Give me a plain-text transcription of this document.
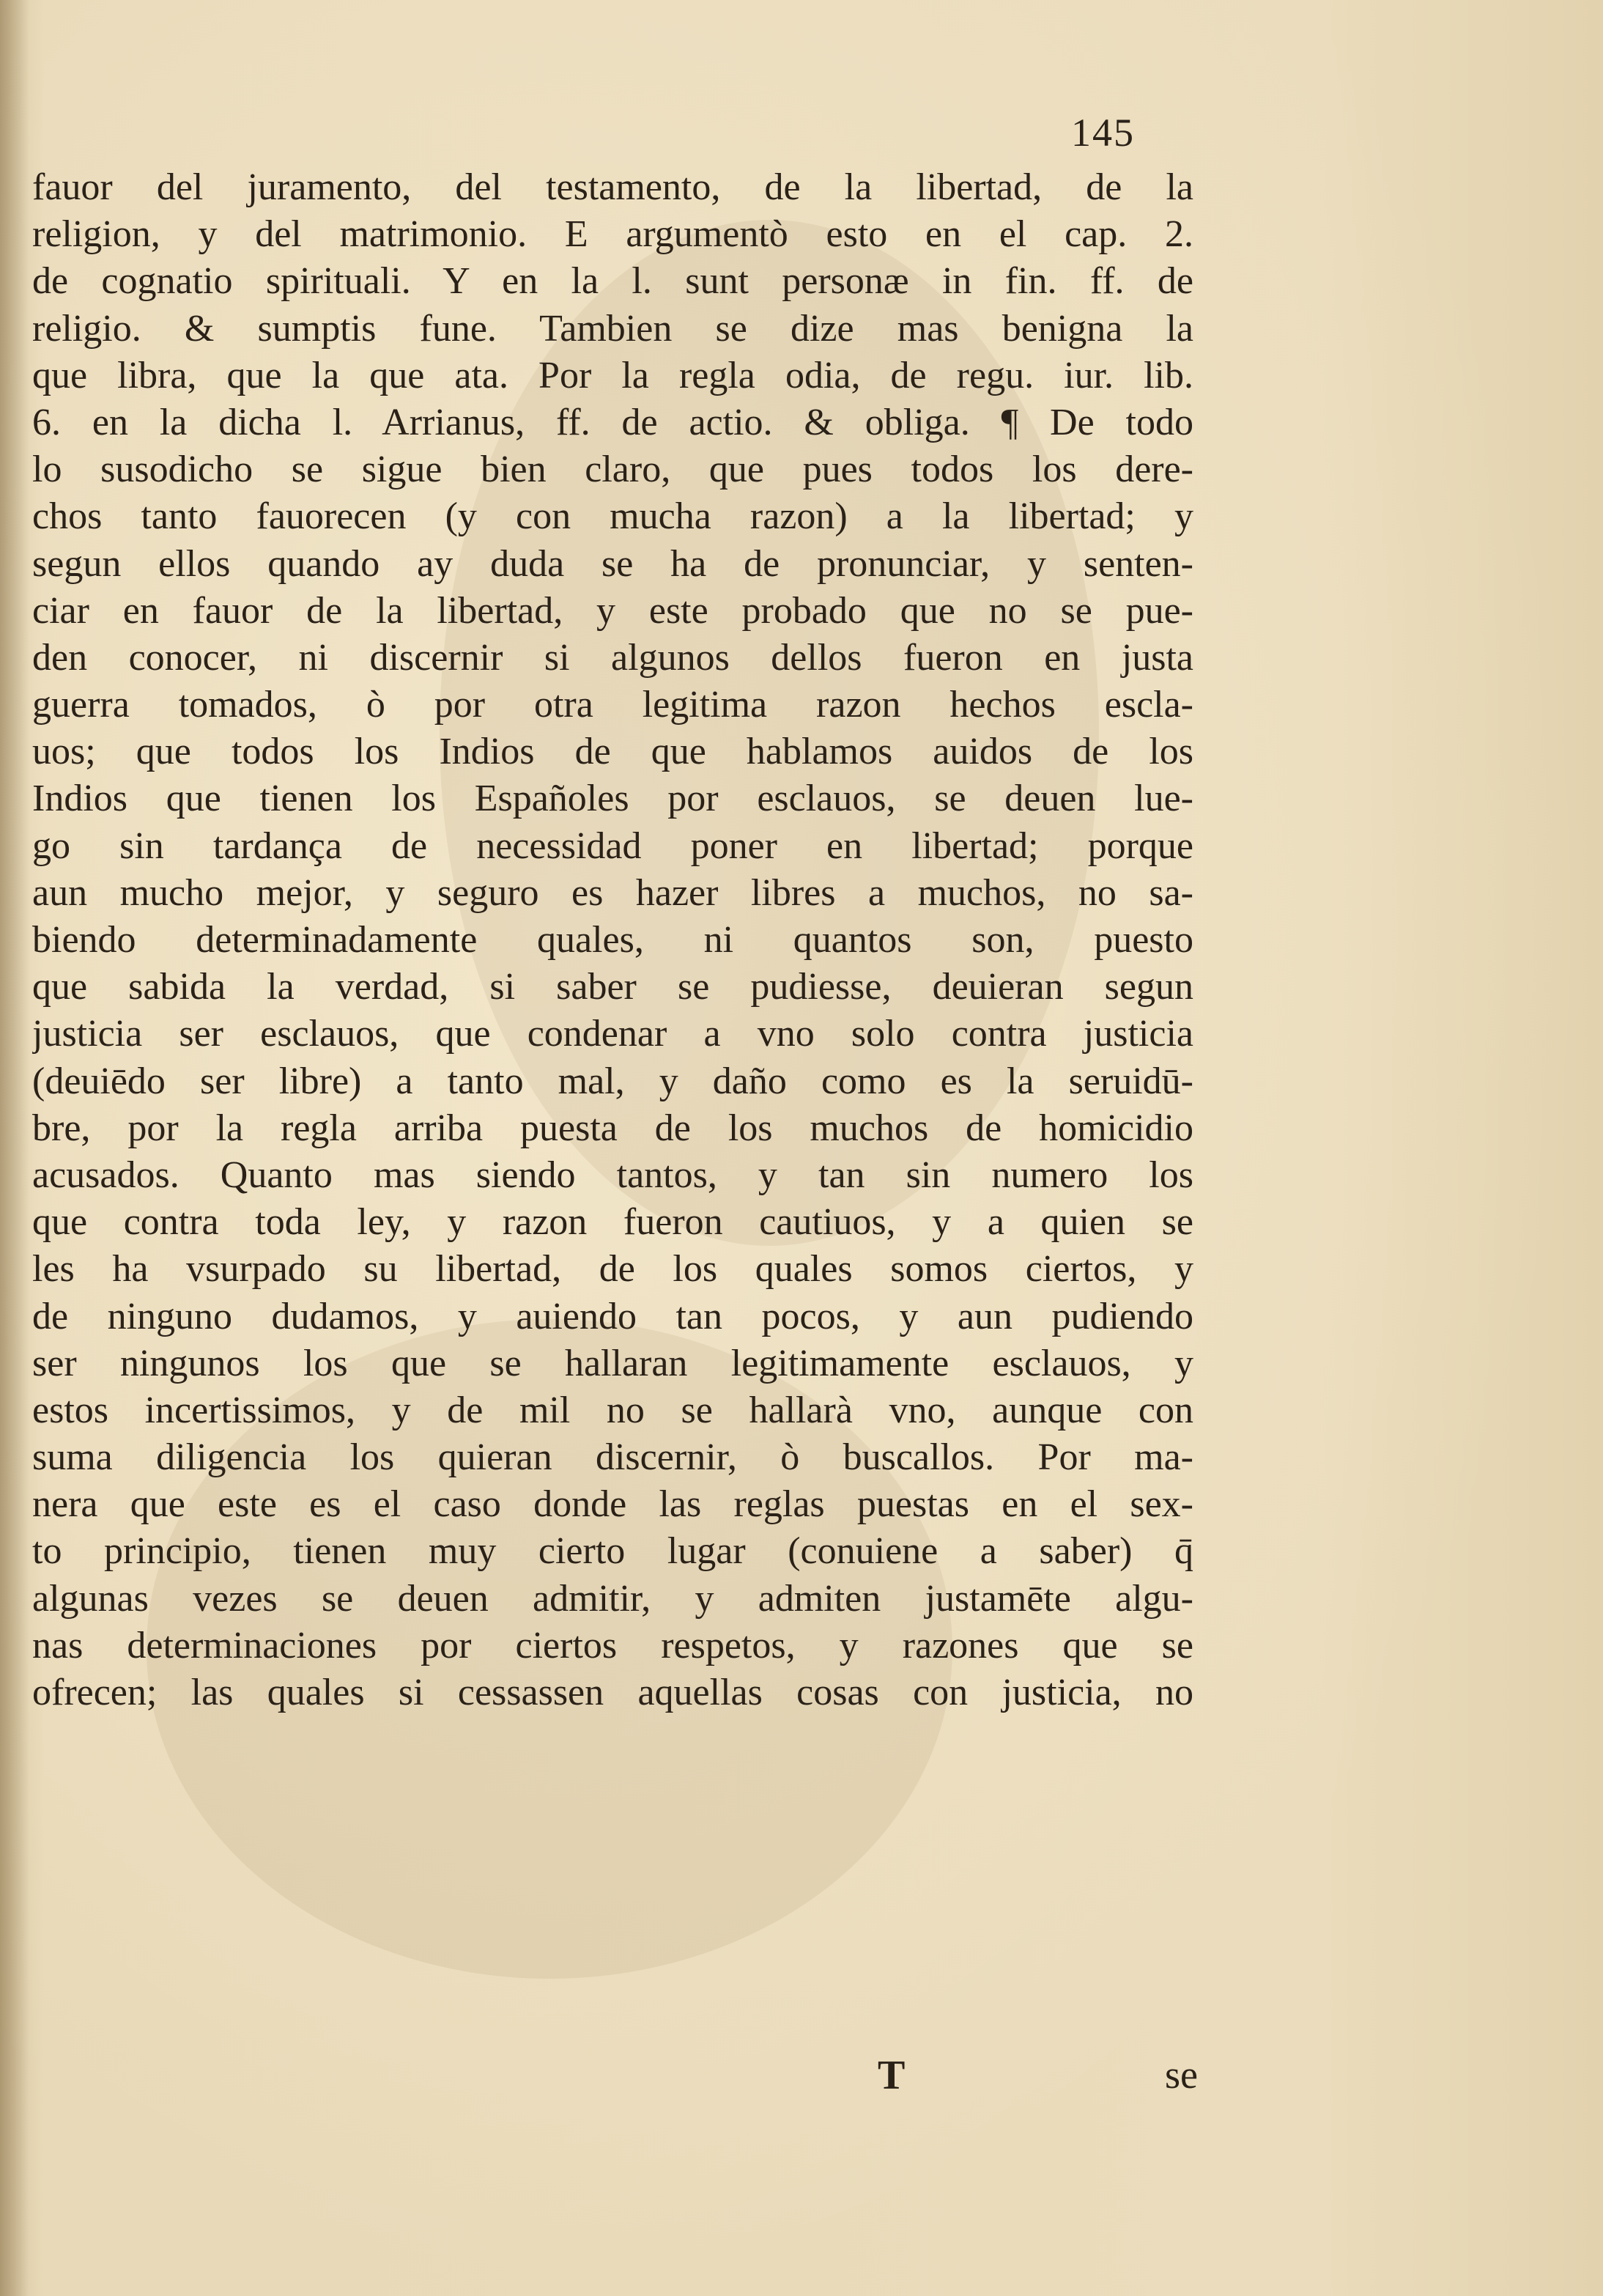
145
fauor del juramento, del testamento, de la libertad, de la
religion, y del matrimonio. E argumentò esto en el cap. 2.
de cognatio spirituali. Y en la l. sunt personæ in fin. ff. de
religio. & sumptis fune. Tambien se dize mas benigna la
que libra, que la que ata. Por la regla odia, de regu. iur. lib.
6. en la dicha l. Arrianus, ff. de actio. & obliga. ¶ De todo
lo susodicho se sigue bien claro, que pues todos los dere-
chos tanto fauorecen (y con mucha razon) a la libertad; y
segun ellos quando ay duda se ha de pronunciar, y senten-
ciar en fauor de la libertad, y este probado que no se pue-
den conocer, ni discernir si algunos dellos fueron en justa
guerra tomados, ò por otra legitima razon hechos escla-
uos; que todos los Indios de que hablamos auidos de los
Indios que tienen los Españoles por esclauos, se deuen lue-
go sin tardança de necessidad poner en libertad; porque
aun mucho mejor, y seguro es hazer libres a muchos, no sa-
biendo determinadamente quales, ni quantos son, puesto
que sabida la verdad, si saber se pudiesse, deuieran segun
justicia ser esclauos, que condenar a vno solo contra justicia
(deuiēdo ser libre) a tanto mal, y daño como es la seruidū-
bre, por la regla arriba puesta de los muchos de homicidio
acusados. Quanto mas siendo tantos, y tan sin numero los
que contra toda ley, y razon fueron cautiuos, y a quien se
les ha vsurpado su libertad, de los quales somos ciertos, y
de ninguno dudamos, y auiendo tan pocos, y aun pudiendo
ser ningunos los que se hallaran legitimamente esclauos, y
estos incertissimos, y de mil no se hallarà vno, aunque con
suma diligencia los quieran discernir, ò buscallos. Por ma-
nera que este es el caso donde las reglas puestas en el sex-
to principio, tienen muy cierto lugar (conuiene a saber) q̄
algunas vezes se deuen admitir, y admiten justamēte algu-
nas determinaciones por ciertos respetos, y razones que se
ofrecen; las quales si cessassen aquellas cosas con justicia, no
T	se
